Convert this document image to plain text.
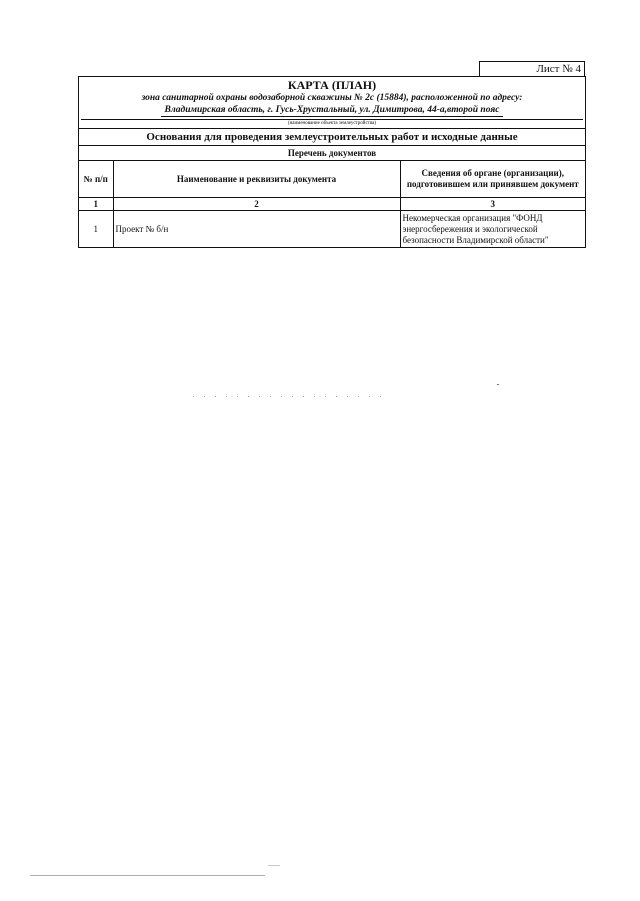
Лист № 4
КАРТА (ПЛАН)
зона санитарной охраны водозаборной скважины № 2с (15884), расположенной по адресу:
Владимирская область, г. Гусь-Хрустальный, ул. Димитрова, 44-а,второй пояс
(наименование объекта землеустройства)
Основания для проведения землеустроительных работ и исходные данные
Перечень документов		
№ п/п	Наименование и реквизиты документа	Сведения об органе (организации), подготовившем или принявшем документ
1	2	3
1	Проект № б/н	Некомерческая организация "ФОНД энергосбережения и экологической безопасности Владимирской области"
